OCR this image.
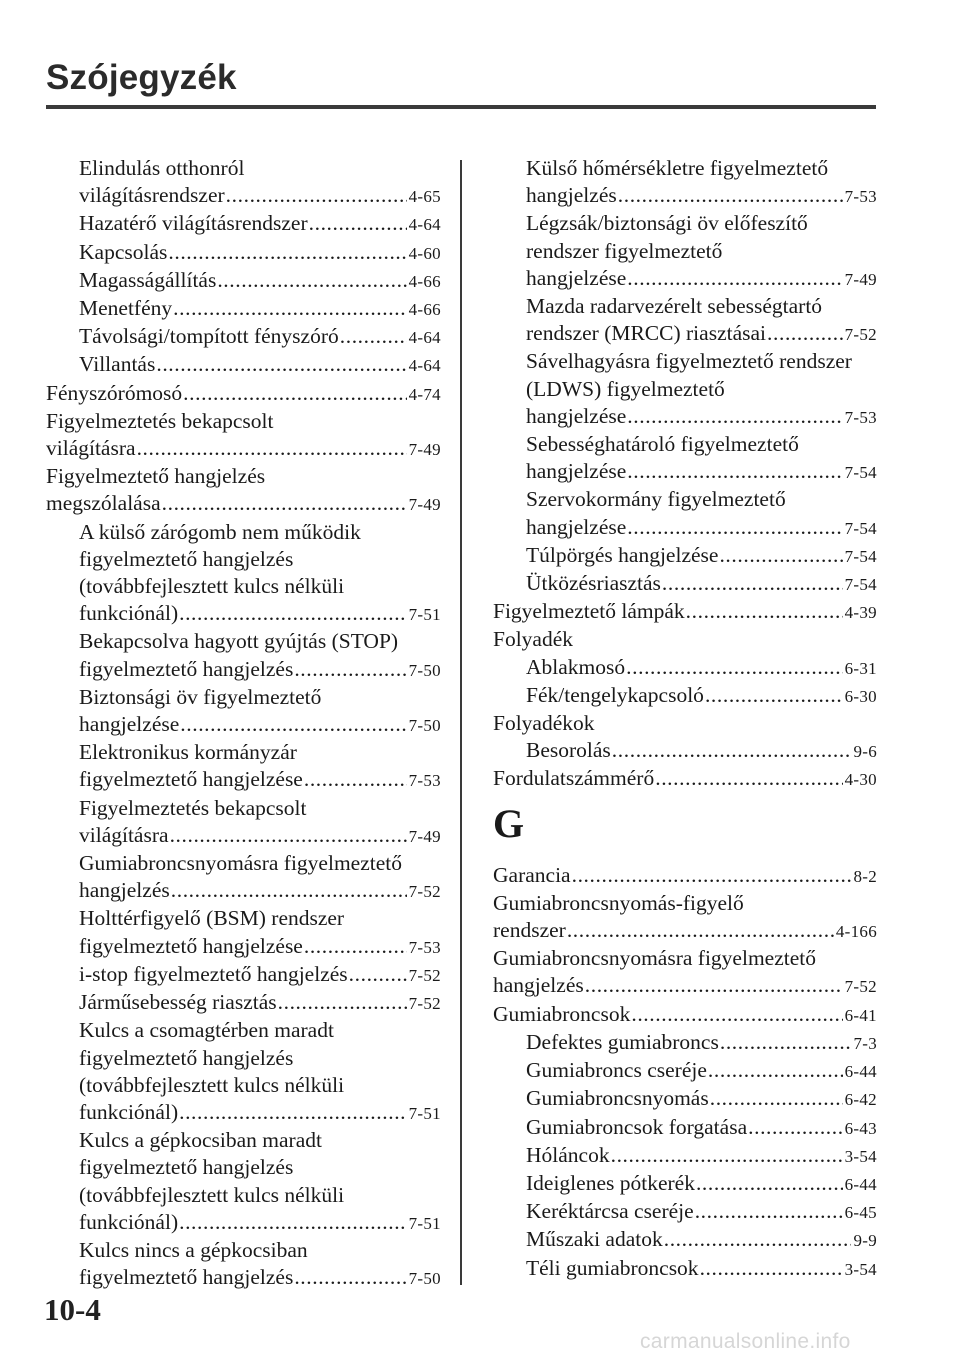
Szójegyzék
Elindulás otthonról
világításrendszer .....	4-65
Hazatérő világításrendszer .....	4-64
Kapcsolás .....	4-60
Magasságállítás .....	4-66
Menetfény .....	4-66
Távolsági/tompított fényszóró .....	4-64
Villantás .....	4-64
Fényszórómosó .....	4-74
Figyelmeztetés bekapcsolt
világításra .....	7-49
Figyelmeztető hangjelzés
megszólalása .....	7-49
A külső zárógomb nem működik
figyelmeztető hangjelzés
(továbbfejlesztett kulcs nélküli
funkciónál) .....	7-51
Bekapcsolva hagyott gyújtás (STOP)
figyelmeztető hangjelzés .....	7-50
Biztonsági öv figyelmeztető
hangjelzése .....	7-50
Elektronikus kormányzár
figyelmeztető hangjelzése .....	7-53
Figyelmeztetés bekapcsolt
világításra .....	7-49
Gumiabroncsnyomásra figyelmeztető
hangjelzés .....	7-52
Holttérfigyelő (BSM) rendszer
figyelmeztető hangjelzése .....	7-53
i-stop figyelmeztető hangjelzés .....	7-52
Járműsebesség riasztás .....	7-52
Kulcs a csomagtérben maradt
figyelmeztető hangjelzés
(továbbfejlesztett kulcs nélküli
funkciónál) .....	7-51
Kulcs a gépkocsiban maradt
figyelmeztető hangjelzés
(továbbfejlesztett kulcs nélküli
funkciónál) .....	7-51
Kulcs nincs a gépkocsiban
figyelmeztető hangjelzés .....	7-50
Külső hőmérsékletre figyelmeztető
hangjelzés .....	7-53
Légzsák/biztonsági öv előfeszítő
rendszer figyelmeztető
hangjelzése .....	7-49
Mazda radarvezérelt sebességtartó
rendszer (MRCC) riasztásai .....	7-52
Sávelhagyásra figyelmeztető rendszer
(LDWS) figyelmeztető
hangjelzése .....	7-53
Sebességhatároló figyelmeztető
hangjelzése .....	7-54
Szervokormány figyelmeztető
hangjelzése .....	7-54
Túlpörgés hangjelzése .....	7-54
Ütközésriasztás .....	7-54
Figyelmeztető lámpák .....	4-39
Folyadék
Ablakmosó .....	6-31
Fék/tengelykapcsoló .....	6-30
Folyadékok
Besorolás .....	9-6
Fordulatszámmérő .....	4-30
G
Garancia .....	8-2
Gumiabroncsnyomás-figyelő
rendszer .....	4-166
Gumiabroncsnyomásra figyelmeztető
hangjelzés .....	7-52
Gumiabroncsok .....	6-41
Defektes gumiabroncs .....	7-3
Gumiabroncs cseréje .....	6-44
Gumiabroncsnyomás .....	6-42
Gumiabroncsok forgatása .....	6-43
Hóláncok .....	3-54
Ideiglenes pótkerék .....	6-44
Keréktárcsa cseréje .....	6-45
Műszaki adatok .....	9-9
Téli gumiabroncsok .....	3-54
10-4
carmanualsonline.info
